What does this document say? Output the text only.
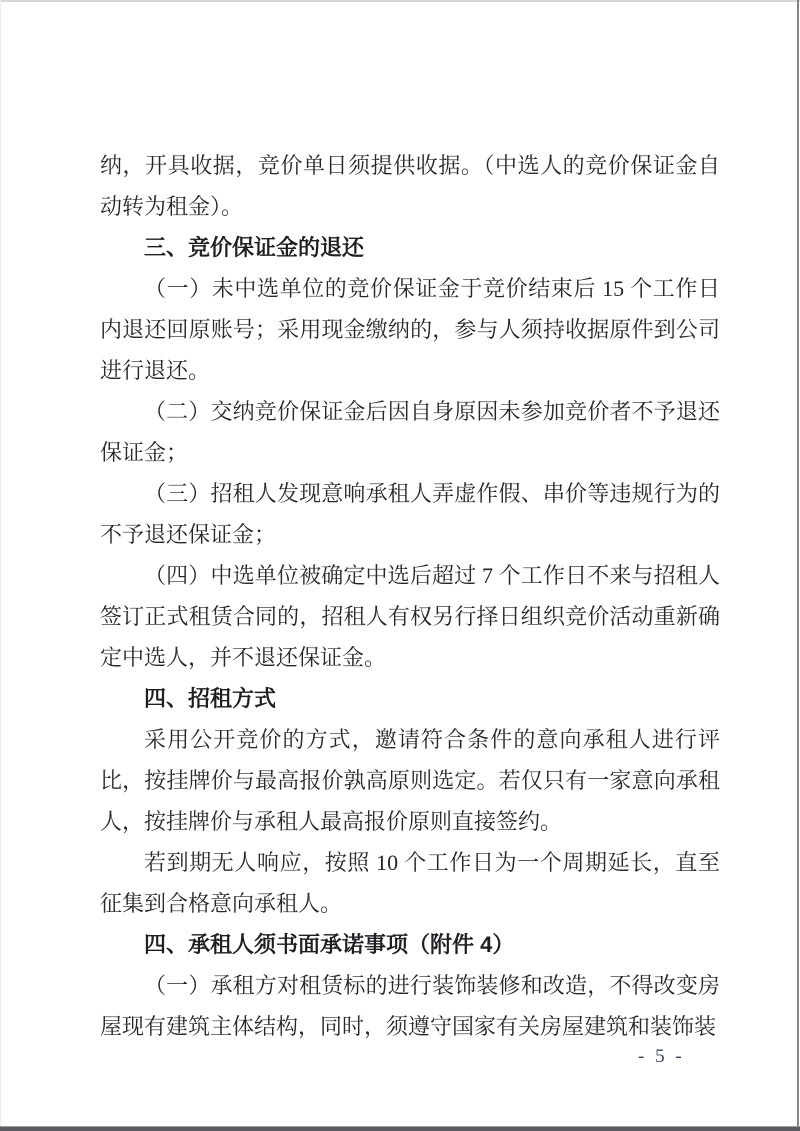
纳，开具收据，竞价单日须提供收据。（中选人的竞价保证金自动转为租金）。

三、竞价保证金的退还

（一）未中选单位的竞价保证金于竞价结束后 15 个工作日内退还回原账号；采用现金缴纳的，参与人须持收据原件到公司进行退还。

（二）交纳竞价保证金后因自身原因未参加竞价者不予退还保证金；

（三）招租人发现意响承租人弄虚作假、串价等违规行为的不予退还保证金；

（四）中选单位被确定中选后超过 7 个工作日不来与招租人签订正式租赁合同的，招租人有权另行择日组织竞价活动重新确定中选人，并不退还保证金。

四、招租方式

采用公开竞价的方式，邀请符合条件的意向承租人进行评比，按挂牌价与最高报价孰高原则选定。若仅只有一家意向承租人，按挂牌价与承租人最高报价原则直接签约。

若到期无人响应，按照 10 个工作日为一个周期延长，直至征集到合格意向承租人。

四、承租人须书面承诺事项（附件 4）

（一）承租方对租赁标的进行装饰装修和改造，不得改变房屋现有建筑主体结构，同时，须遵守国家有关房屋建筑和装饰装

- 5 -
